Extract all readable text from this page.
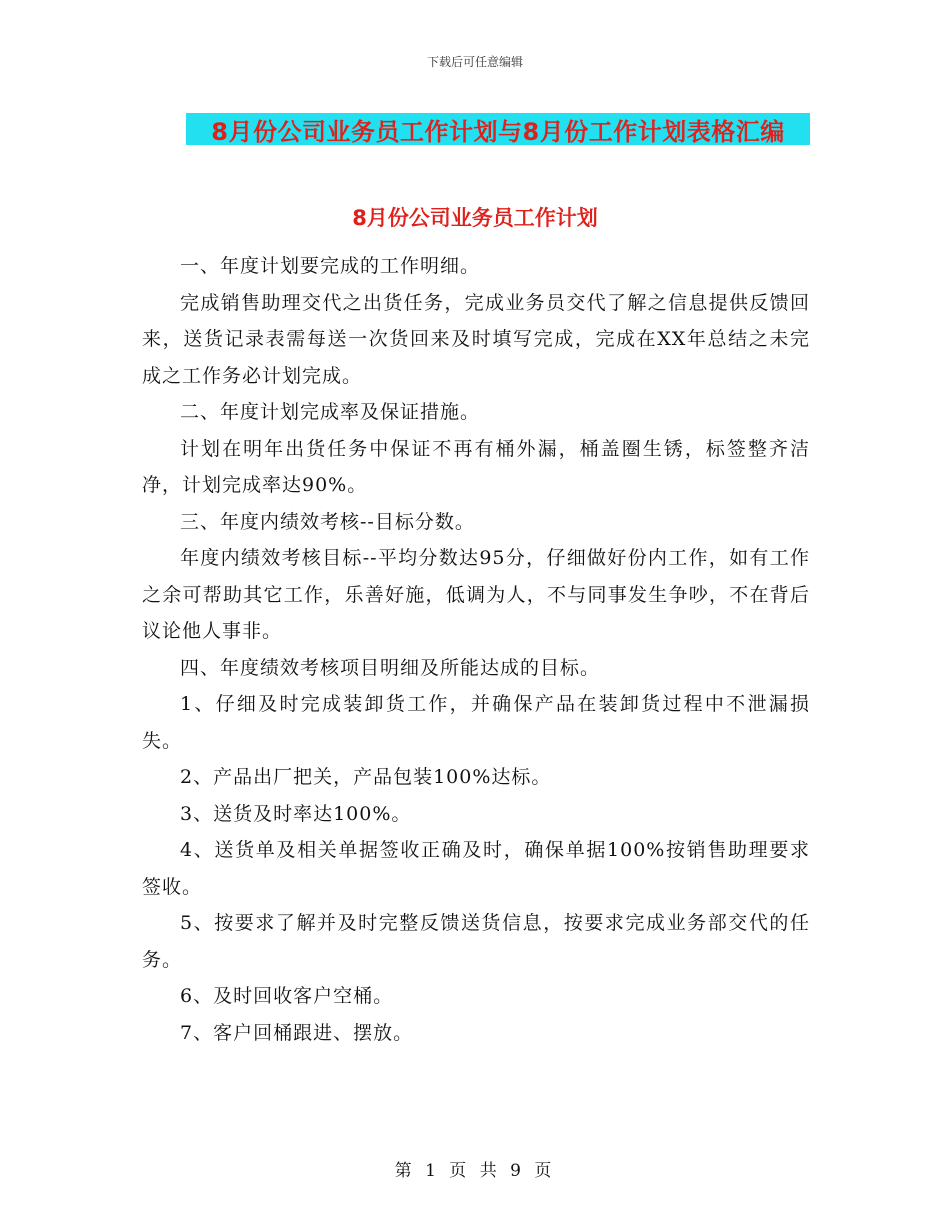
下载后可任意编辑
8月份公司业务员工作计划与8月份工作计划表格汇编
8月份公司业务员工作计划

一、年度计划要完成的工作明细。

完成销售助理交代之出货任务，完成业务员交代了解之信息提供反馈回来，送货记录表需每送一次货回来及时填写完成，完成在XX年总结之未完成之工作务必计划完成。

二、年度计划完成率及保证措施。

计划在明年出货任务中保证不再有桶外漏，桶盖圈生锈，标签整齐洁净，计划完成率达90%。

三、年度内绩效考核--目标分数。

年度内绩效考核目标--平均分数达95分，仔细做好份内工作，如有工作之余可帮助其它工作，乐善好施，低调为人，不与同事发生争吵，不在背后议论他人事非。

四、年度绩效考核项目明细及所能达成的目标。

1、仔细及时完成装卸货工作，并确保产品在装卸货过程中不泄漏损失。

2、产品出厂把关，产品包装100%达标。

3、送货及时率达100%。

4、送货单及相关单据签收正确及时，确保单据100%按销售助理要求签收。

5、按要求了解并及时完整反馈送货信息，按要求完成业务部交代的任务。

6、及时回收客户空桶。

7、客户回桶跟进、摆放。

第 1 页 共 9 页
